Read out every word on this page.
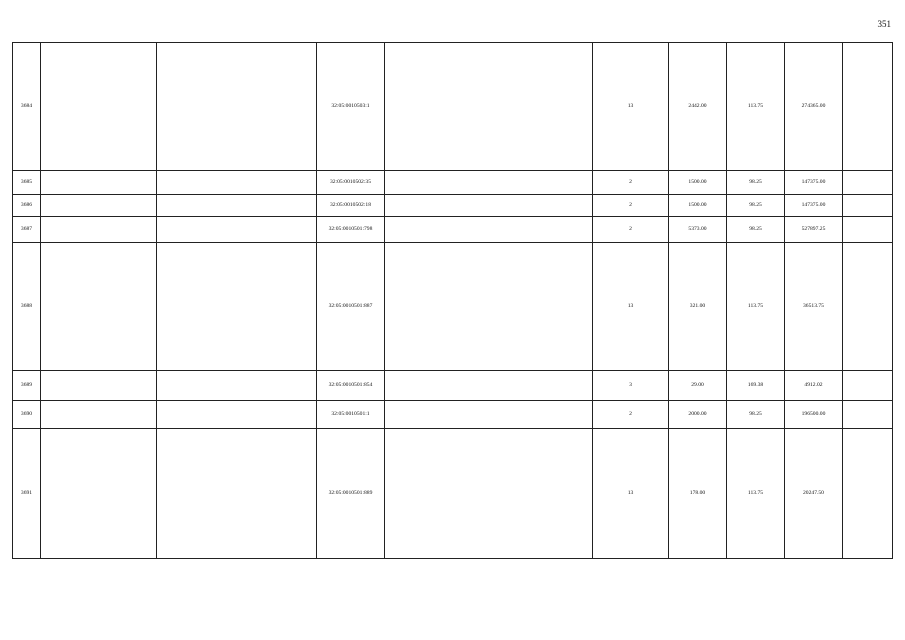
351
3684			32:05:0010503:1		13	2442.00	113.75	274365.00	
3685			32:05:0010502:35		2	1500.00	98.25	147375.00	
3686			32:05:0010502:18		2	1500.00	98.25	147375.00	
3687			32:05:0010501:798		2	5373.00	98.25	527897.25	
3688			32:05:0010501:887		13	321.00	113.75	36513.75	
3689			32:05:0010501:854		3	29.00	169.38	4912.02	
3690			32:05:0010501:1		2	2000.00	98.25	196500.00	
3691			32:05:0010501:889		13	178.00	113.75	20247.50	
